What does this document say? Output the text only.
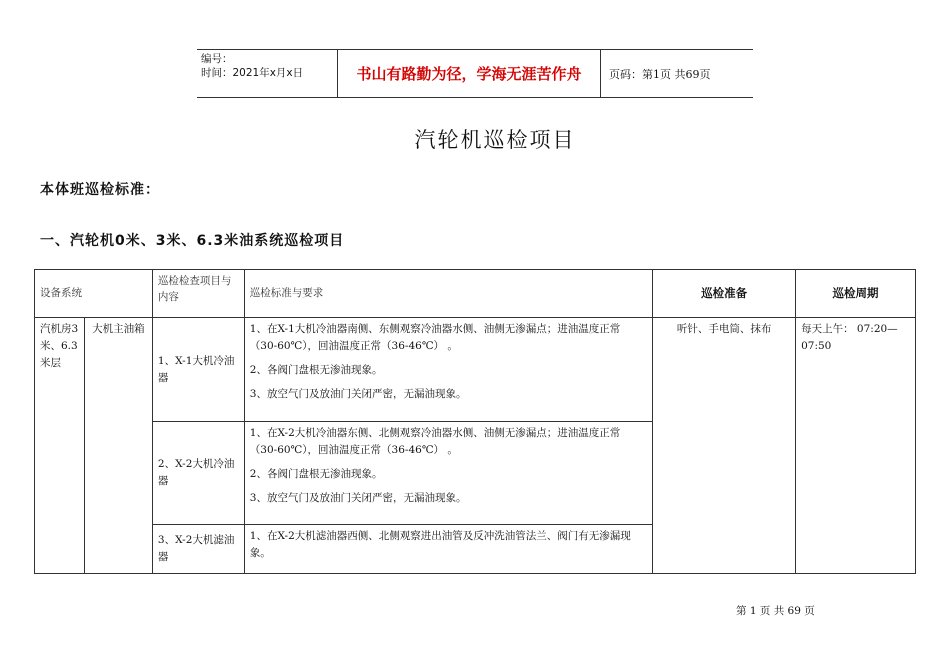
编号：
时间：2021年x月x日	书山有路勤为径，学海无涯苦作舟	页码：第1页 共69页
汽轮机巡检项目
本体班巡检标准：
一、汽轮机0米、3米、6.3米油系统巡检项目
设备系统		巡检检查项目与内容	巡检标准与要求	巡检准备	巡检周期
汽机房3米、6.3米层	大机主油箱	1、X-1大机冷油器	1、在X-1大机冷油器南侧、东侧观察冷油器水侧、油侧无渗漏点；进油温度正常（30-60℃），回油温度正常（36-46℃） 。

2、各阀门盘根无渗油现象。

3、放空气门及放油门关闭严密，无漏油现象。	听针、手电筒、抹布	每天上午： 07:20—07:50
		2、X-2大机冷油器	1、在X-2大机冷油器东侧、北侧观察冷油器水侧、油侧无渗漏点；进油温度正常（30-60℃），回油温度正常（36-46℃） 。

2、各阀门盘根无渗油现象。

3、放空气门及放油门关闭严密，无漏油现象。		

		3、X-2大机滤油器	1、在X-2大机滤油器西侧、北侧观察进出油管及反冲洗油管法兰、阀门有无渗漏现象。		

第 1 页 共 69 页
